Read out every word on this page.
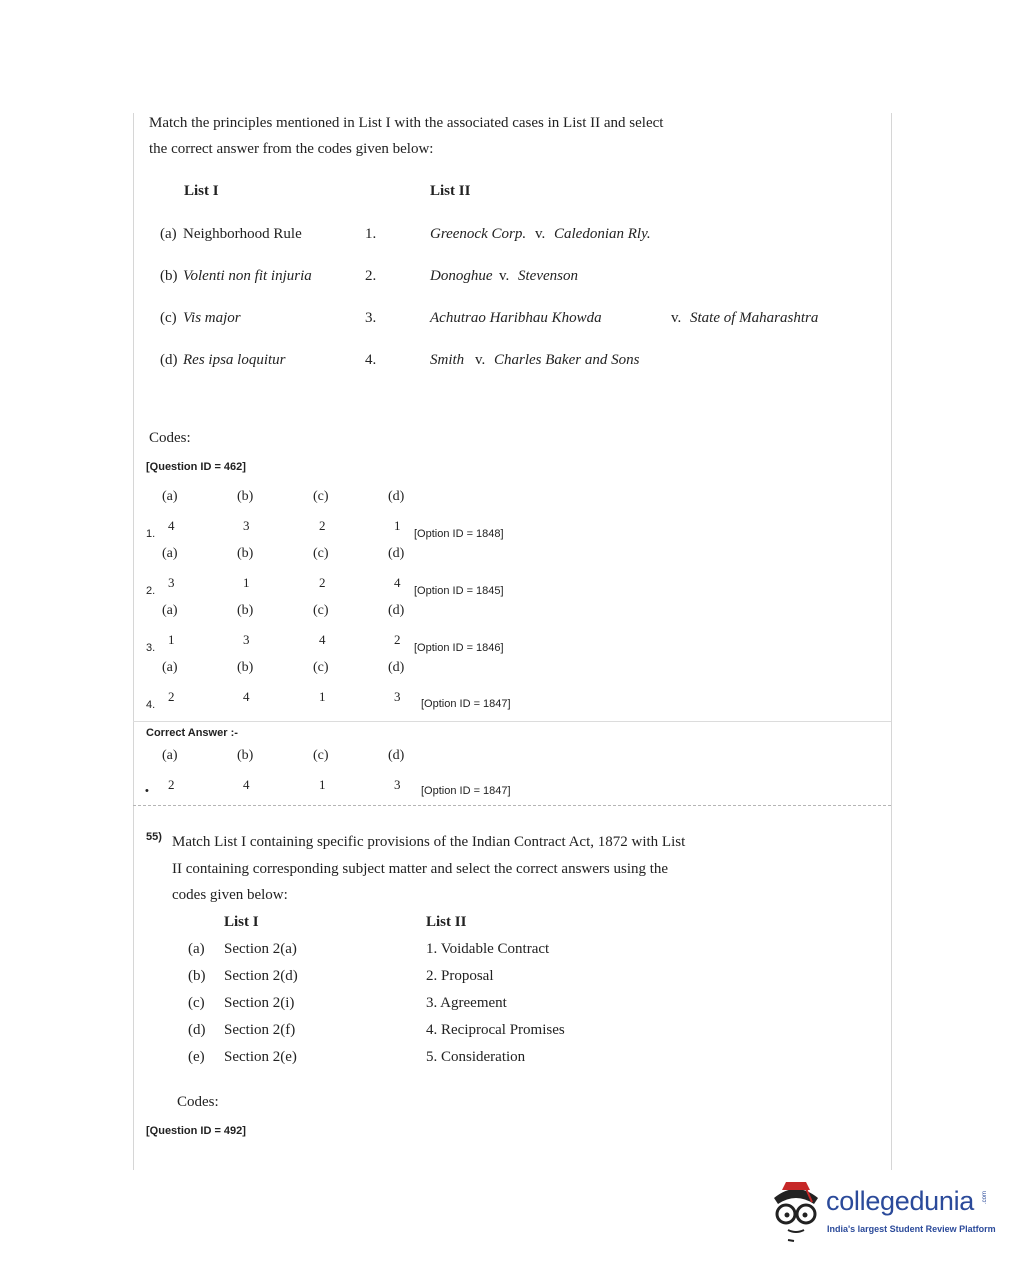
Match the principles mentioned in List I with the associated cases in List II and select
the correct answer from the codes given below:
List I	List II
(a) Neighborhood Rule	1.	Greenock Corp. v. Caledonian Rly.
(b) Volenti non fit injuria	2.	Donoghue v. Stevenson
(c) Vis major	3.	Achutrao Haribhau Khowda	v. State of Maharashtra
(d) Res ipsa loquitur	4.	Smith v. Charles Baker and Sons
Codes:
[Question ID = 462]
(a)	(b)	(c)	(d)
4	3	2	1
1.	[Option ID = 1848]
(a)	(b)	(c)	(d)
3	1	2	4
2.	[Option ID = 1845]
(a)	(b)	(c)	(d)
1	3	4	2
3.	[Option ID = 1846]
(a)	(b)	(c)	(d)
2	4	1	3
4.	[Option ID = 1847]
Correct Answer :-
(a)	(b)	(c)	(d)
2	4	1	3
•	[Option ID = 1847]
55) Match List I containing specific provisions of the Indian Contract Act, 1872 with List
II containing corresponding subject matter and select the correct answers using the
codes given below:
List I	List II
(a) Section 2(a)	1. Voidable Contract
(b) Section 2(d)	2. Proposal
(c) Section 2(i)	3. Agreement
(d) Section 2(f)	4. Reciprocal Promises
(e) Section 2(e)	5. Consideration
Codes:
[Question ID = 492]
collegedunia .com
India's largest Student Review Platform
